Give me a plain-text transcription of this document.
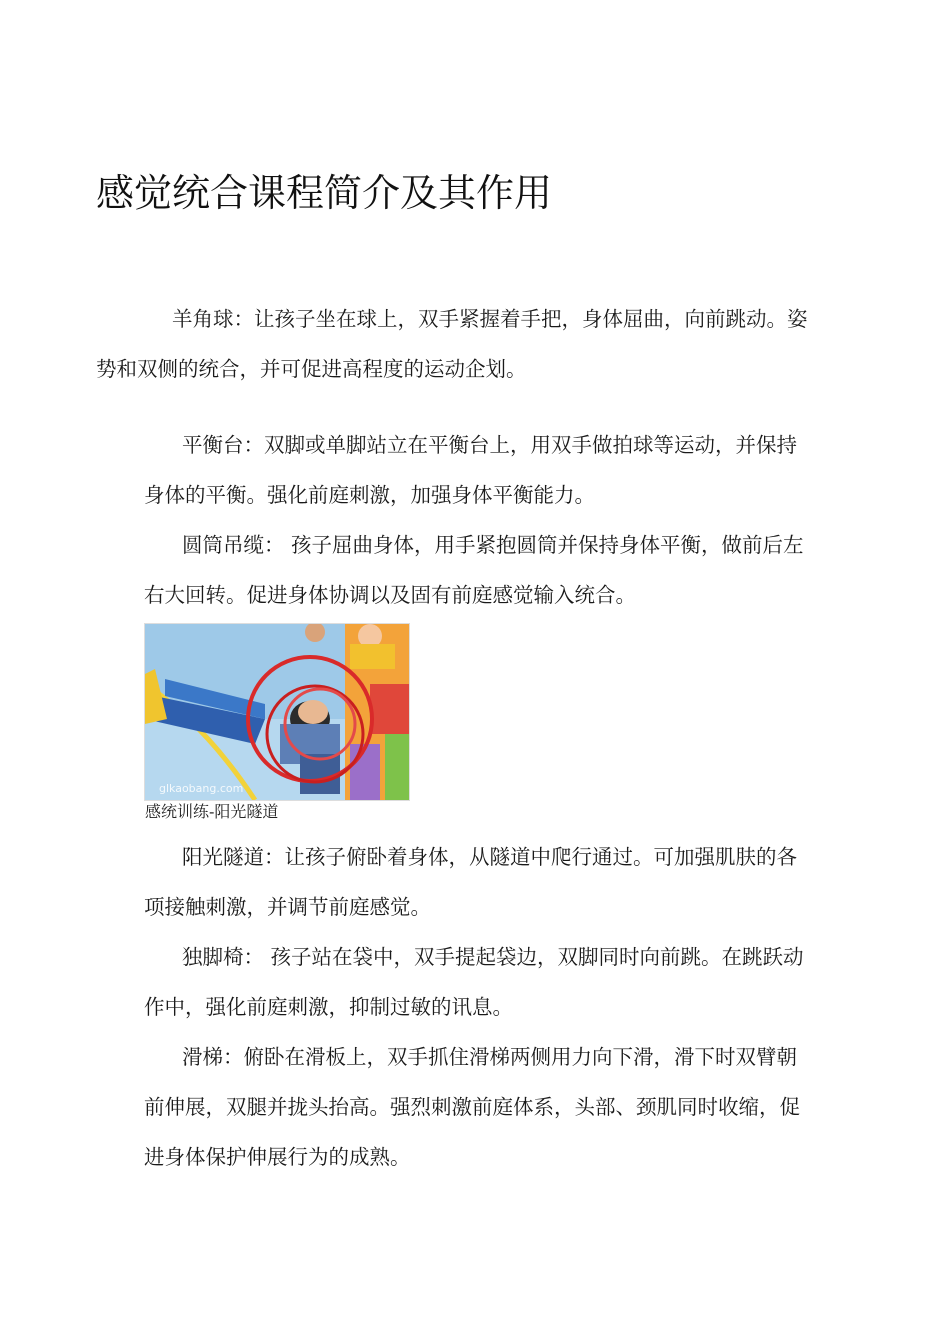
感觉统合课程简介及其作用

羊角球：让孩子坐在球上，双手紧握着手把，身体屈曲，向前跳动。姿势和双侧的统合，并可促进高程度的运动企划。

平衡台：双脚或单脚站立在平衡台上，用双手做拍球等运动，并保持身体的平衡。强化前庭刺激，加强身体平衡能力。

圆筒吊缆： 孩子屈曲身体，用手紧抱圆筒并保持身体平衡，做前后左右大回转。促进身体协调以及固有前庭感觉输入统合。

glkaobang.com

感统训练-阳光隧道

阳光隧道：让孩子俯卧着身体，从隧道中爬行通过。可加强肌肤的各项接触刺激，并调节前庭感觉。

独脚椅： 孩子站在袋中，双手提起袋边，双脚同时向前跳。在跳跃动作中，强化前庭刺激，抑制过敏的讯息。

滑梯：俯卧在滑板上，双手抓住滑梯两侧用力向下滑，滑下时双臂朝前伸展，双腿并拢头抬高。强烈刺激前庭体系，头部、颈肌同时收缩，促进身体保护伸展行为的成熟。
